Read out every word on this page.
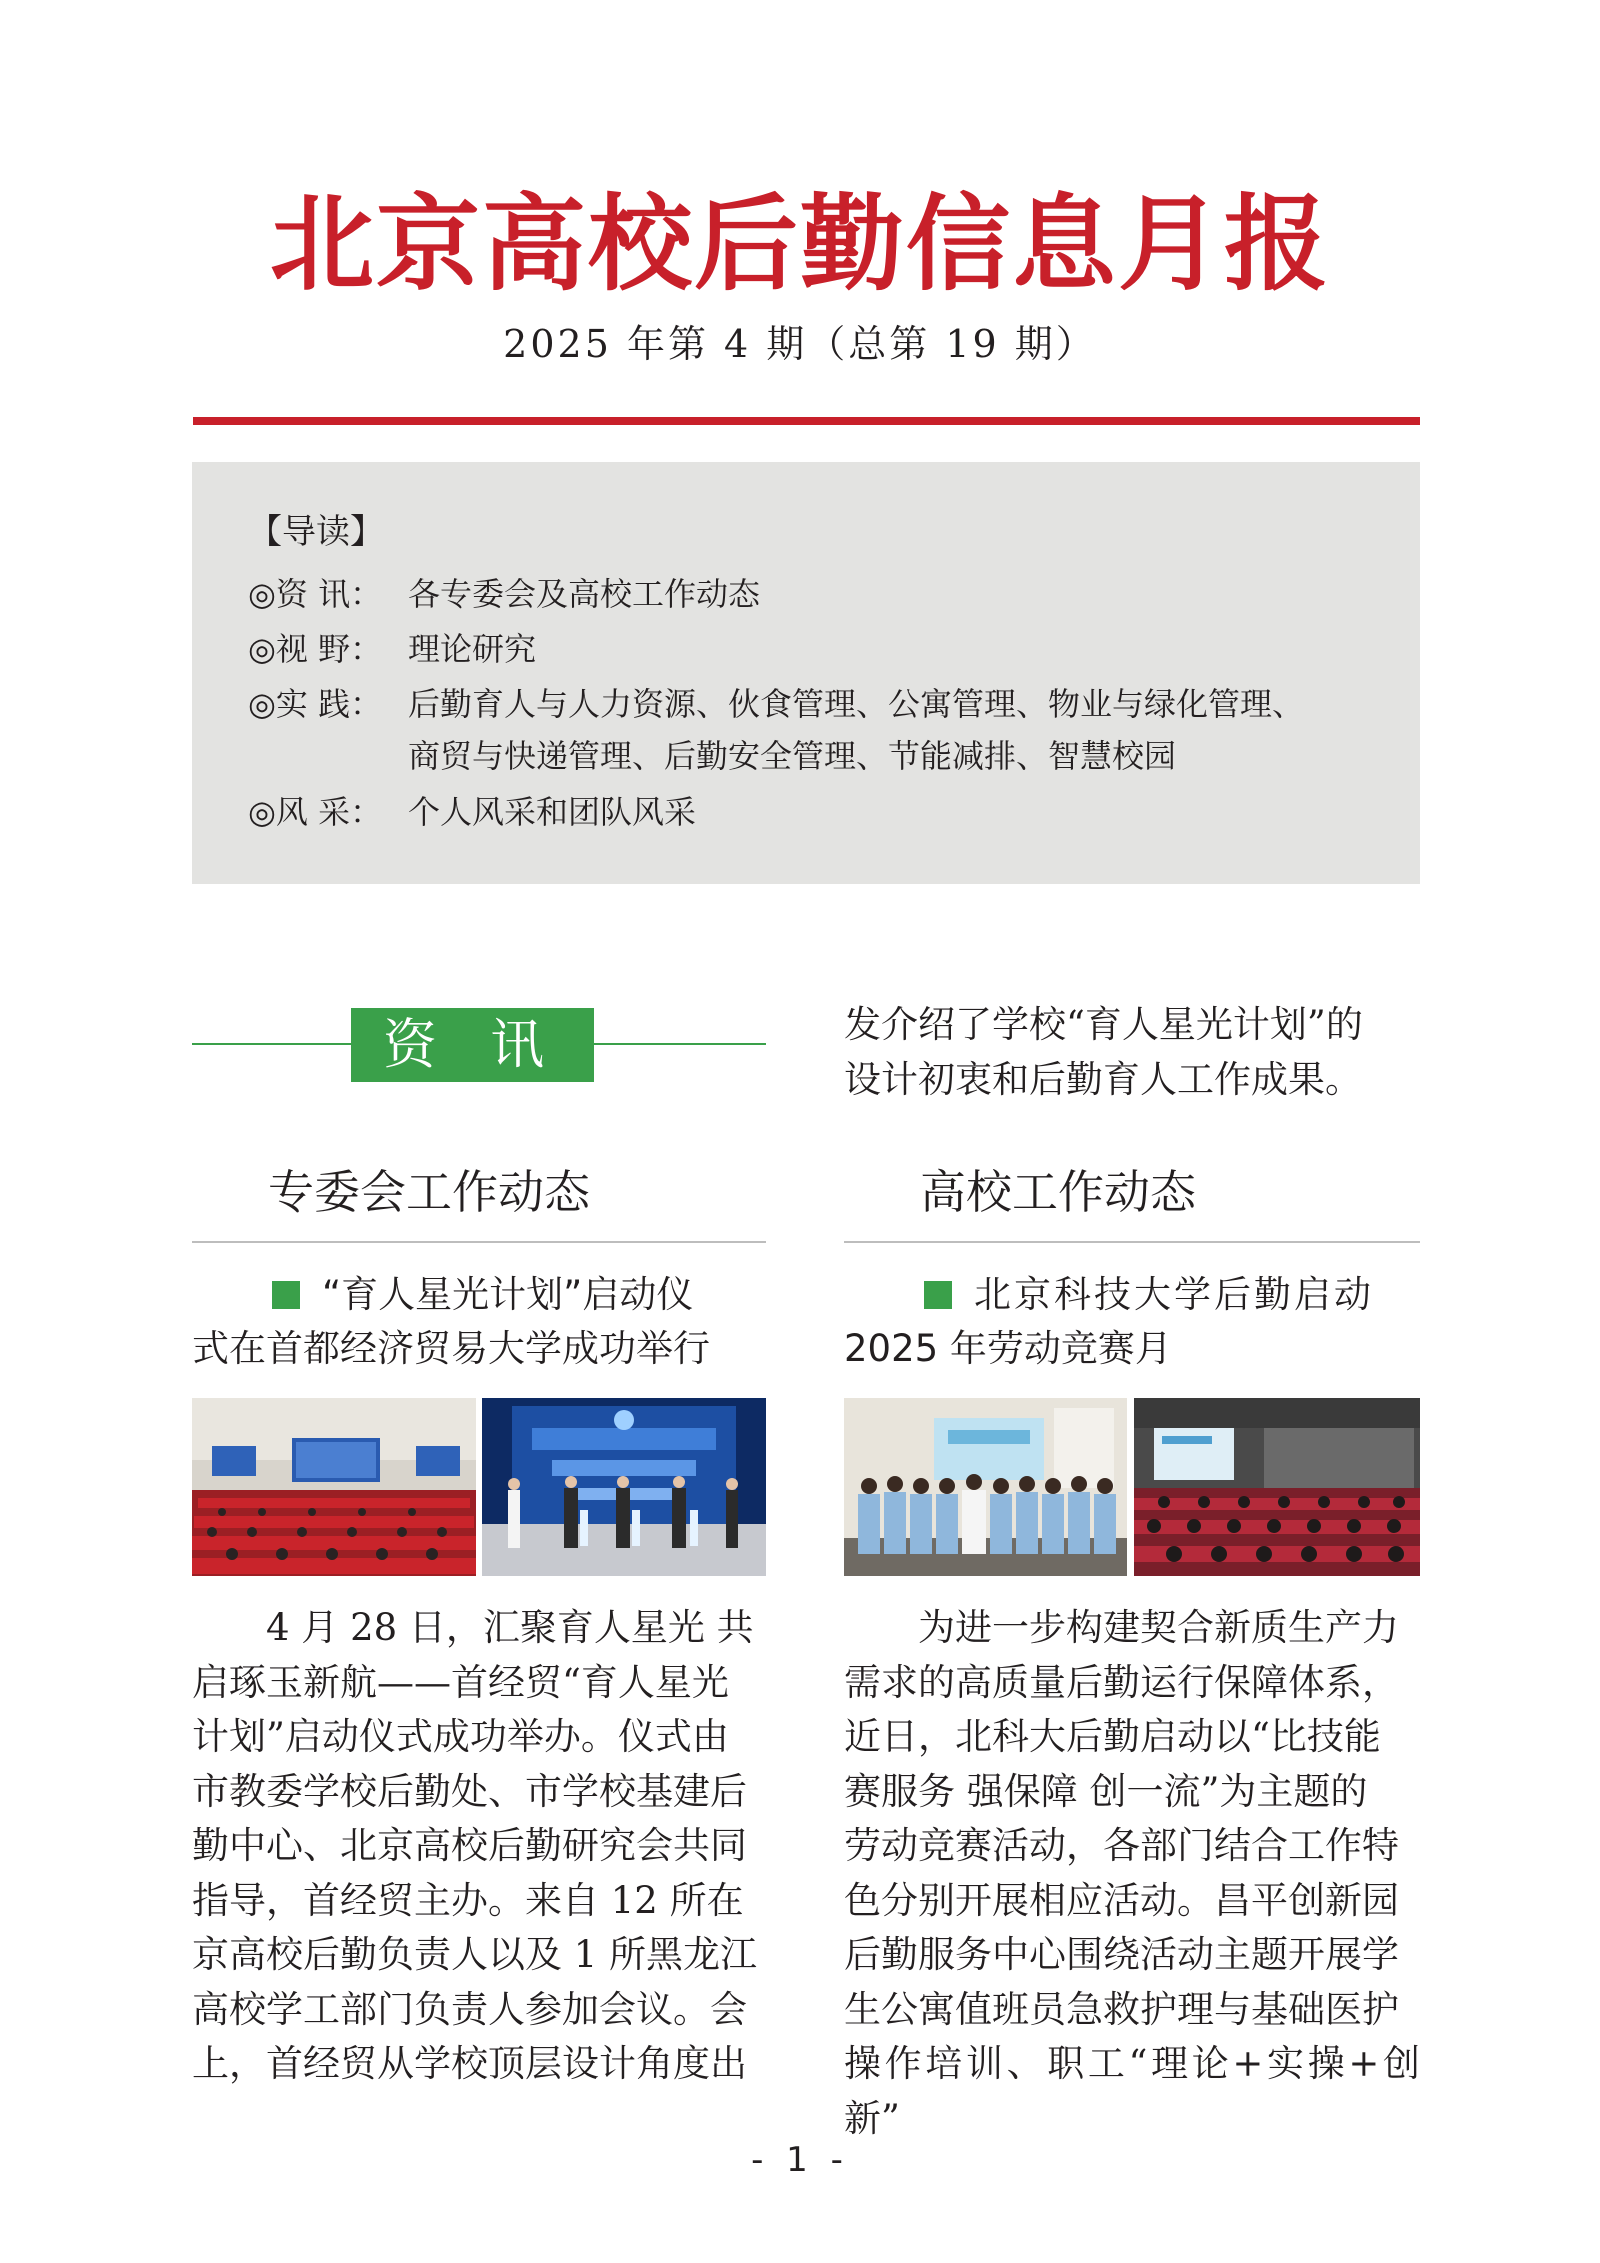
北京高校后勤信息月报
2025 年第 4 期（总第 19 期）
【导读】
◎资 讯： 各专委会及高校工作动态
◎视 野： 理论研究
◎实 践： 后勤育人与人力资源、伙食管理、公寓管理、物业与绿化管理、
商贸与快递管理、后勤安全管理、节能减排、智慧校园
◎风 采： 个人风采和团队风采
资 讯	发介绍了学校“育人星光计划”的
设计初衷和后勤育人工作成果。
专委会工作动态
“育人星光计划”启动仪
式在首都经济贸易大学成功举行
4 月 28 日，汇聚育人星光 共
启琢玉新航——首经贸“育人星光
计划”启动仪式成功举办。仪式由
市教委学校后勤处、市学校基建后
勤中心、北京高校后勤研究会共同
指导，首经贸主办。来自 12 所在
京高校后勤负责人以及 1 所黑龙江
高校学工部门负责人参加会议。会
上，首经贸从学校顶层设计角度出
高校工作动态
北京科技大学后勤启动
2025 年劳动竞赛月
为进一步构建契合新质生产力
需求的高质量后勤运行保障体系，
近日，北科大后勤启动以“比技能
赛服务 强保障 创一流”为主题的
劳动竞赛活动，各部门结合工作特
色分别开展相应活动。昌平创新园
后勤服务中心围绕活动主题开展学
生公寓值班员急救护理与基础医护
操作培训、职工“理论+实操+创新”
- 1 -
